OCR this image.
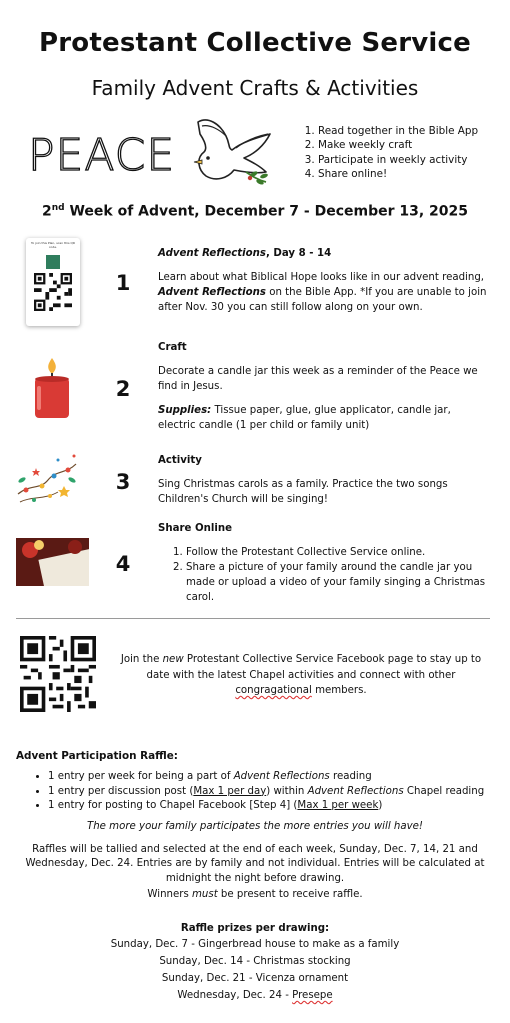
Protestant Collective Service
Family Advent Crafts & Activities
PEACE
1.	Read together in the Bible App
2. Make weekly craft
3. Participate in weekly activity
4. Share online!
2nd Week of Advent, December 7 - December 13, 2025
To join this Plan, scan this QR code.
1

Advent Reflections, Day 8 - 14

Learn about what Biblical Hope looks like in our advent reading, Advent Reflections on the Bible App. *If you are unable to join after Nov. 30 you can still follow along on your own.

2

Craft

Decorate a candle jar this week as a reminder of the Peace we find in Jesus.

Supplies: Tissue paper, glue, glue applicator, candle jar, electric candle (1 per child or family unit)

3

Activity

Sing Christmas carols as a family. Practice the two songs Children's Church will be singing!

4

Share Online

1. Follow the Protestant Collective Service online.
2. Share a picture of your family around the candle jar you made or upload a video of your family singing a Christmas carol.
Join the new Protestant Collective Service Facebook page to stay up to date with the latest Chapel activities and connect with other congragational members.
Advent Participation Raffle:
• 1 entry per week for being a part of Advent Reflections reading
• 1 entry per discussion post (Max 1 per day) within Advent Reflections Chapel reading
• 1 entry for posting to Chapel Facebook [Step 4] (Max 1 per week)
The more your family participates the more entries you will have!
Raffles will be tallied and selected at the end of each week, Sunday, Dec. 7, 14, 21 and Wednesday, Dec. 24. Entries are by family and not individual. Entries will be calculated at midnight the night before drawing.
Winners must be present to receive raffle.
Raffle prizes per drawing:
Sunday, Dec. 7 - Gingerbread house to make as a family
Sunday, Dec. 14 - Christmas stocking
Sunday, Dec. 21 - Vicenza ornament
Wednesday, Dec. 24 - Presepe
